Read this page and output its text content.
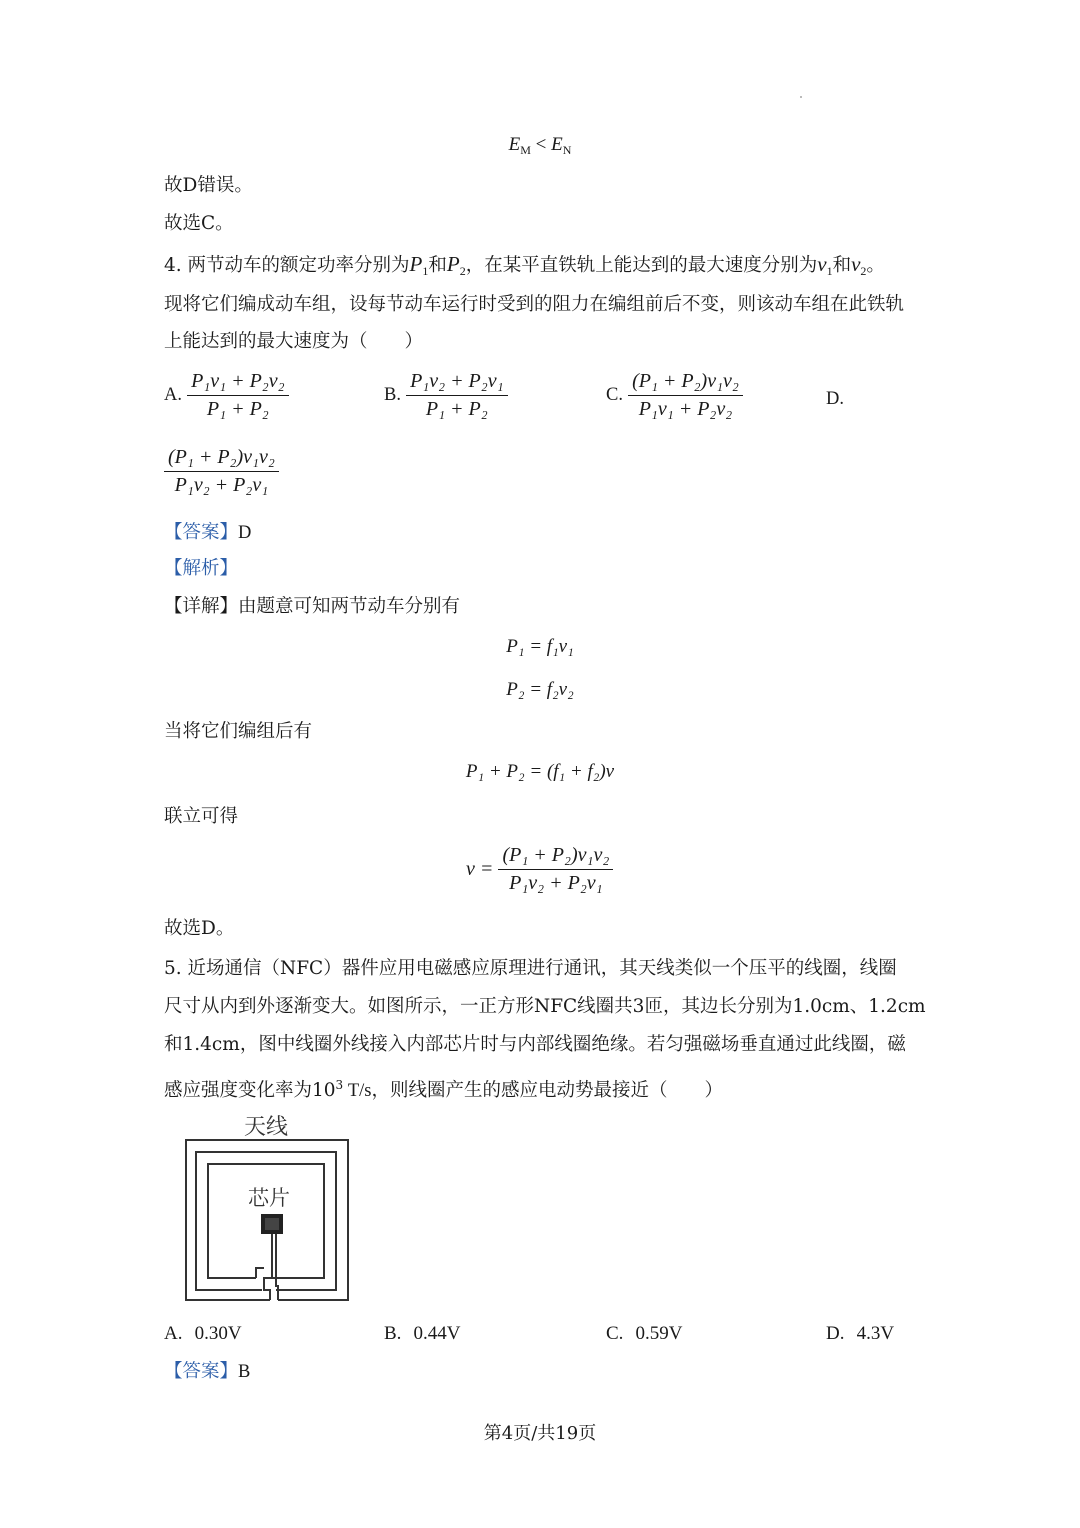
$E_M < E_N$
故D错误。
故选C。
4. 两节动车的额定功率分别为$P_1$和$P_2$，在某平直铁轨上能达到的最大速度分别为$v_1$和$v_2$。
现将它们编成动车组，设每节动车运行时受到的阻力在编组前后不变，则该动车组在此铁轨
上能达到的最大速度为（　　）
A. $\frac{\text{P₁v₁ + P₂v₂}}{\text{P₁ + P₂}}$	B. $\frac{\text{P₁v₂ + P₂v₁}}{\text{P₁ + P₂}}$	C. $\frac{\text{(P₁ + P₂)v₁v₂}}{\text{P₁v₁ + P₂v₂}}$	D.
$\frac{\text{(P₁ + P₂)v₁v₂}}{\text{P₁v₂ + P₂v₁}}$
【答案】D
【解析】
【详解】由题意可知两节动车分别有
P₁ = f₁v₁
P₂ = f₂v₂
当将它们编组后有
P₁ + P₂ = (f₁ + f₂)v
联立可得
$v = \frac{\text{(P₁ + P₂)v₁v₂}}{\text{P₁v₂ + P₂v₁}}$
故选D。
5. 近场通信（NFC）器件应用电磁感应原理进行通讯，其天线类似一个压平的线圈，线圈
尺寸从内到外逐渐变大。如图所示，一正方形NFC线圈共3匝，其边长分别为1.0cm、1.2cm
和1.4cm，图中线圈外线接入内部芯片时与内部线圈绝缘。若匀强磁场垂直通过此线圈，磁
感应强度变化率为$10^3$ T/s，则线圈产生的感应电动势最接近（　　）
天线
芯片
A. 0.30V	B. 0.44V	C. 0.59V	D. 4.3V
【答案】B
第4页/共19页
